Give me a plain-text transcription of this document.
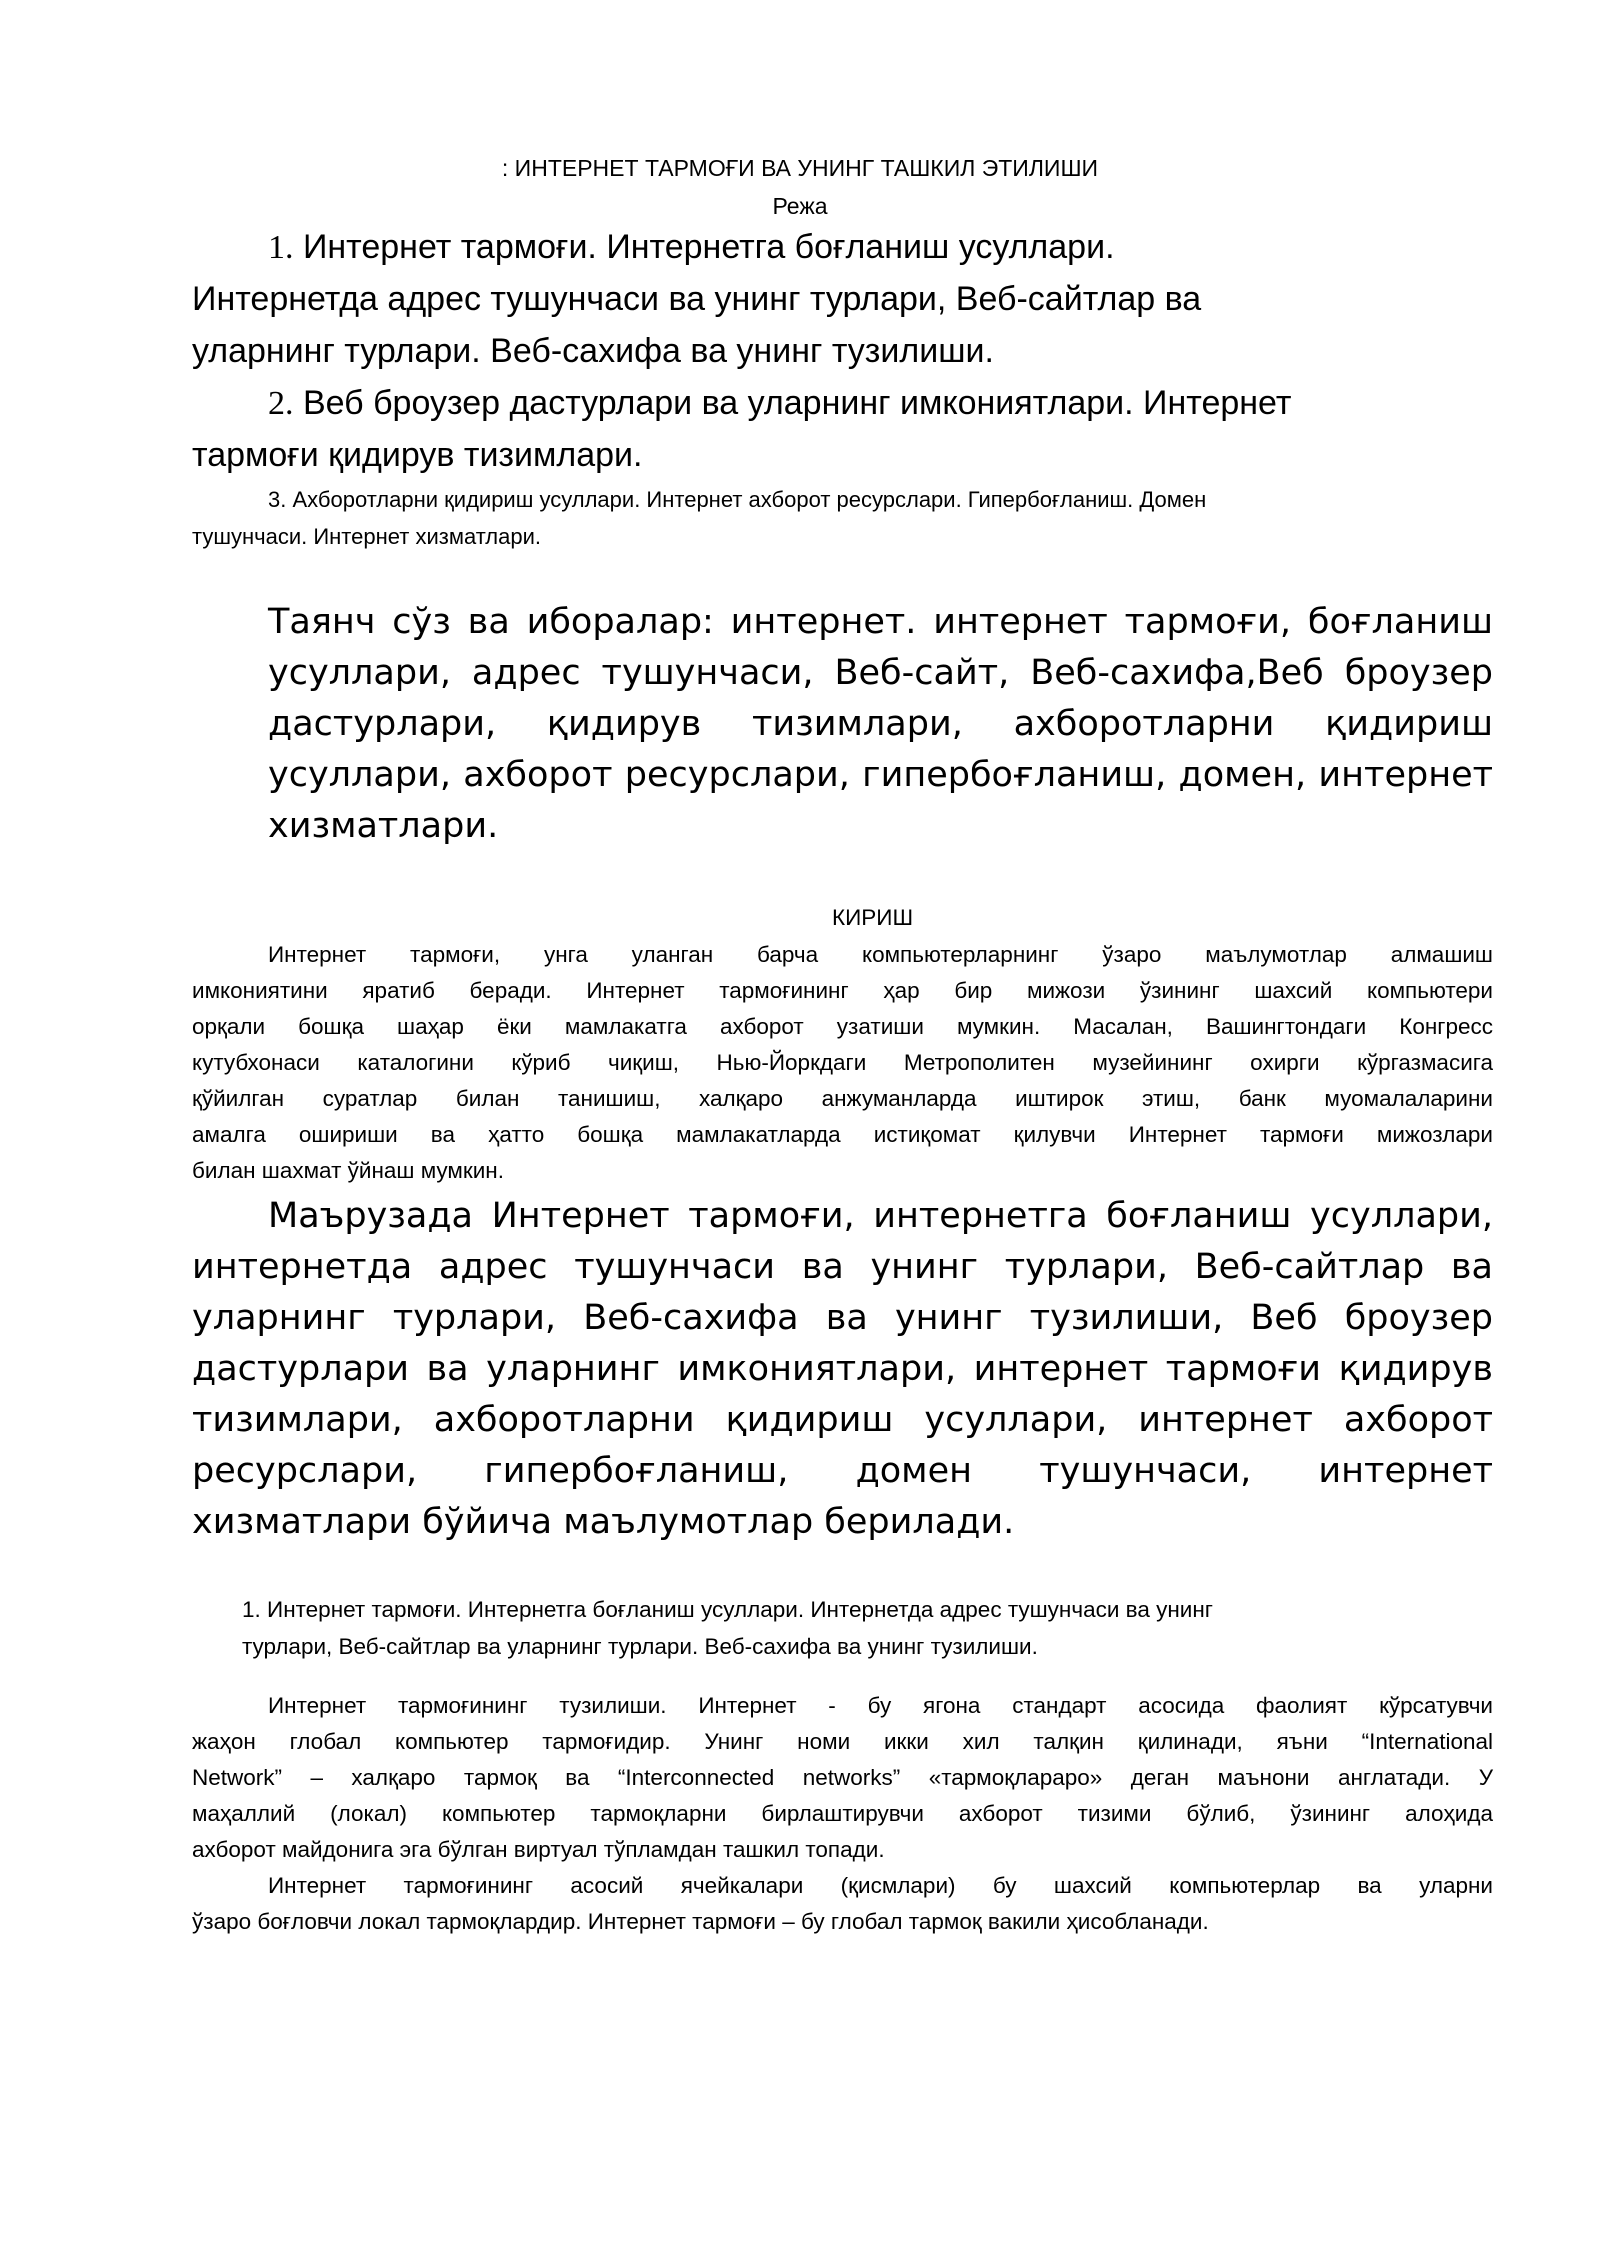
: ИНТЕРНЕТ ТАРМОҒИ ВА УНИНГ ТАШКИЛ ЭТИЛИШИ
Режа
1. Интернет тармоғи. Интернетга боғланиш усуллари.
Интернетда адрес тушунчаси ва унинг турлари, Веб-сайтлар ва
уларнинг турлари. Веб-сахифа ва унинг тузилиши.
2. Веб броузер дастурлари ва уларнинг имкониятлари. Интернет
тармоғи қидирув тизимлари.
3. Ахборотларни қидириш усуллари. Интернет ахборот ресурслари. Гипербоғланиш. Домен
тушунчаси. Интернет хизматлари.
Таянч сўз ва иборалар: интернет. интернет тармоғи, боғланиш
усуллари, адрес тушунчаси, Веб-сайт, Веб-сахифа,Веб броузер
дастурлари, қидирув тизимлари, ахборотларни қидириш
усуллари, ахборот ресурслари, гипербоғланиш, домен, интернет
хизматлари.
КИРИШ
Интернет тармоғи, унга уланган барча компьютерларнинг ўзаро маълумотлар алмашиш
имкониятини яратиб беради. Интернет тармоғининг ҳар бир мижози ўзининг шахсий компьютери
орқали бошқа шаҳар ёки мамлакатга ахборот узатиши мумкин. Масалан, Вашингтондаги Конгресс
кутубхонаси каталогини кўриб чиқиш, Нью-Йоркдаги Метрополитен музейининг охирги кўргазмасига
қўйилган суратлар билан танишиш, халқаро анжуманларда иштирок этиш, банк муомалаларини
амалга ошириши ва ҳатто бошқа мамлакатларда истиқомат қилувчи Интернет тармоғи мижозлари
билан шахмат ўйнаш мумкин.
Маърузада Интернет тармоғи, интернетга боғланиш усуллари,
интернетда адрес тушунчаси ва унинг турлари, Веб-сайтлар ва
уларнинг турлари, Веб-сахифа ва унинг тузилиши, Веб броузер
дастурлари ва уларнинг имкониятлари, интернет тармоғи қидирув
тизимлари, ахборотларни қидириш усуллари, интернет ахборот
ресурслари, гипербоғланиш, домен тушунчаси, интернет
хизматлари бўйича маълумотлар берилади.
1. Интернет тармоғи. Интернетга боғланиш усуллари. Интернетда адрес тушунчаси ва унинг
турлари, Веб-сайтлар ва уларнинг турлари. Веб-сахифа ва унинг тузилиши.
Интернет тармоғининг тузилиши. Интернет - бу ягона стандарт асосида фаолият кўрсатувчи
жаҳон глобал компьютер тармоғидир. Унинг номи икки хил талқин қилинади, яъни “International
Network” – халқаро тармоқ ва “Interconnected networks” «тармоқлараро» деган маънони англатади. У
маҳаллий (локал) компьютер тармоқларни бирлаштирувчи ахборот тизими бўлиб, ўзининг алоҳида
ахборот майдонига эга бўлган виртуал тўпламдан ташкил топади.
Интернет тармоғининг асосий ячейкалари (қисмлари) бу шахсий компьютерлар ва уларни
ўзаро боғловчи локал тармоқлардир. Интернет тармоғи – бу глобал тармоқ вакили ҳисобланади.
